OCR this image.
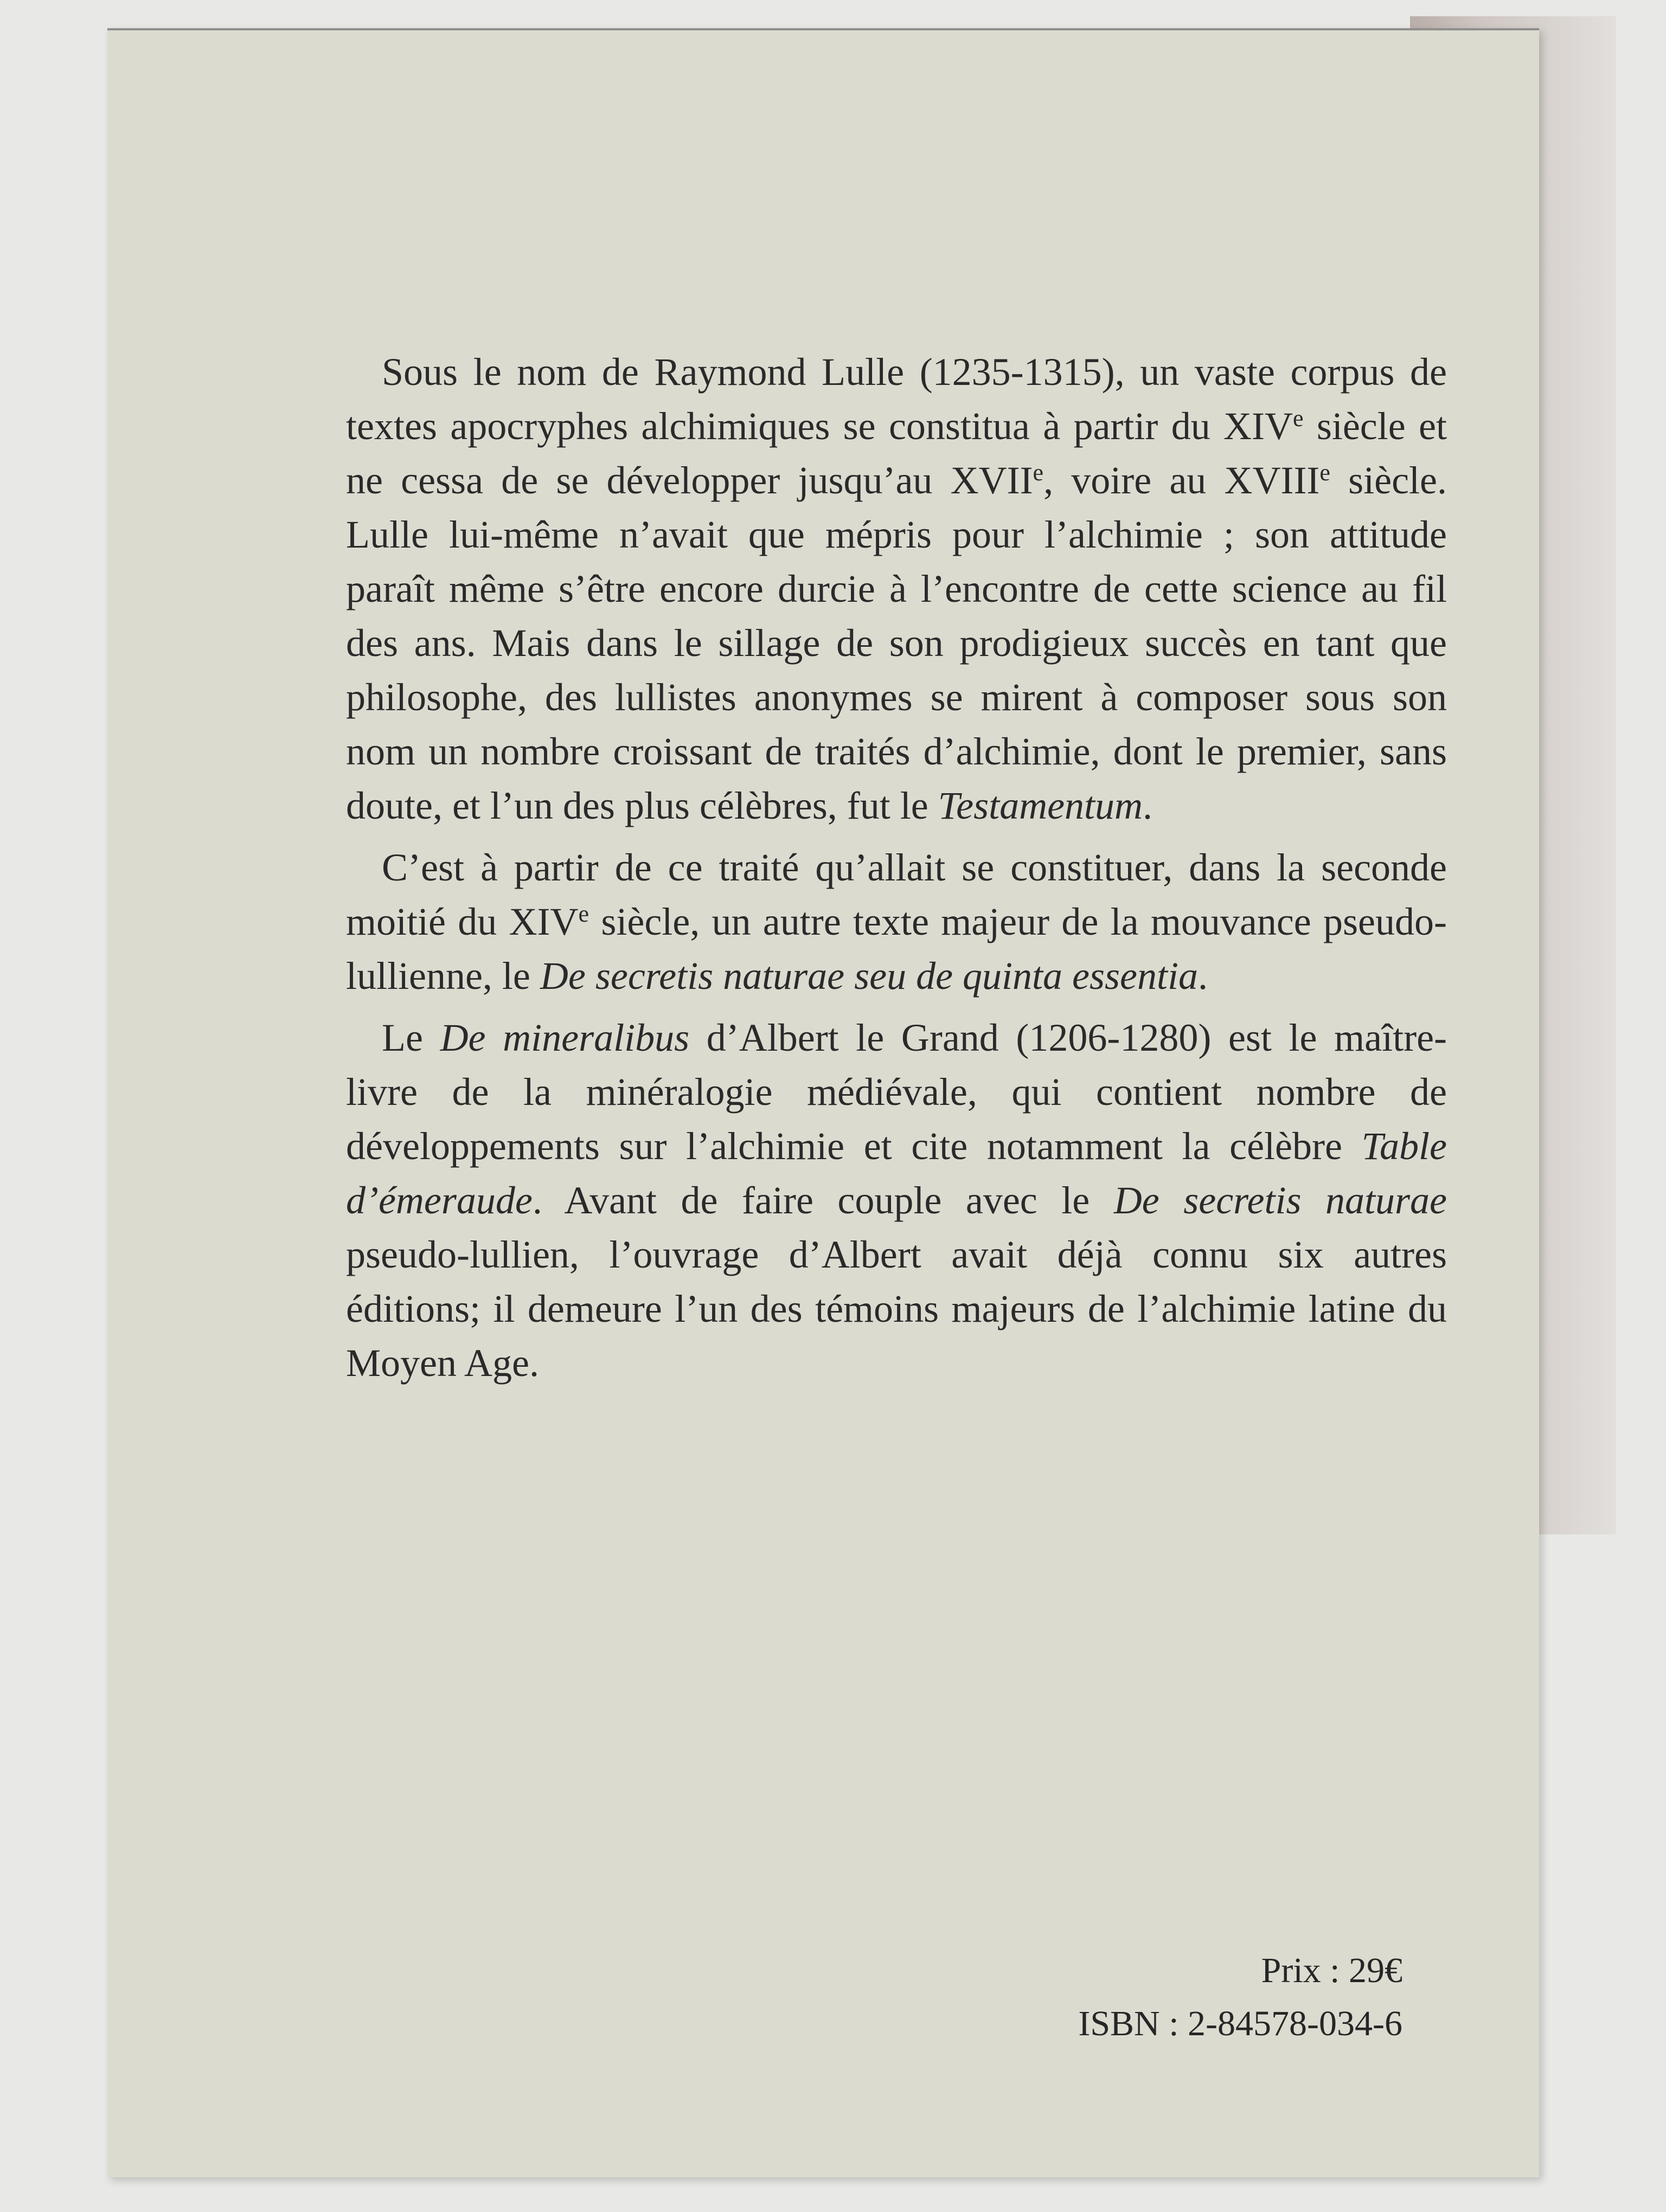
Sous le nom de Raymond Lulle (1235-1315), un vaste corpus de textes apocryphes alchimiques se constitua à partir du XIVe siècle et ne cessa de se développer jusqu’au XVIIe, voire au XVIIIe siècle. Lulle lui-même n’avait que mépris pour l’alchimie ; son attitude paraît même s’être encore durcie à l’encontre de cette science au fil des ans. Mais dans le sillage de son prodigieux succès en tant que philosophe, des lullistes anonymes se mirent à composer sous son nom un nombre croissant de traités d’alchimie, dont le premier, sans doute, et l’un des plus célèbres, fut le Testamentum.

C’est à partir de ce traité qu’allait se constituer, dans la seconde moitié du XIVe siècle, un autre texte majeur de la mouvance pseudo-lullienne, le De secretis naturae seu de quinta essentia.

Le De mineralibus d’Albert le Grand (1206-1280) est le maître-livre de la minéralogie médiévale, qui contient nombre de développements sur l’alchimie et cite notamment la célèbre Table d’émeraude. Avant de faire couple avec le De secretis naturae pseudo-lullien, l’ouvrage d’Albert avait déjà connu six autres éditions; il demeure l’un des témoins majeurs de l’alchimie latine du Moyen Age.

Prix : 29€
ISBN : 2-84578-034-6
